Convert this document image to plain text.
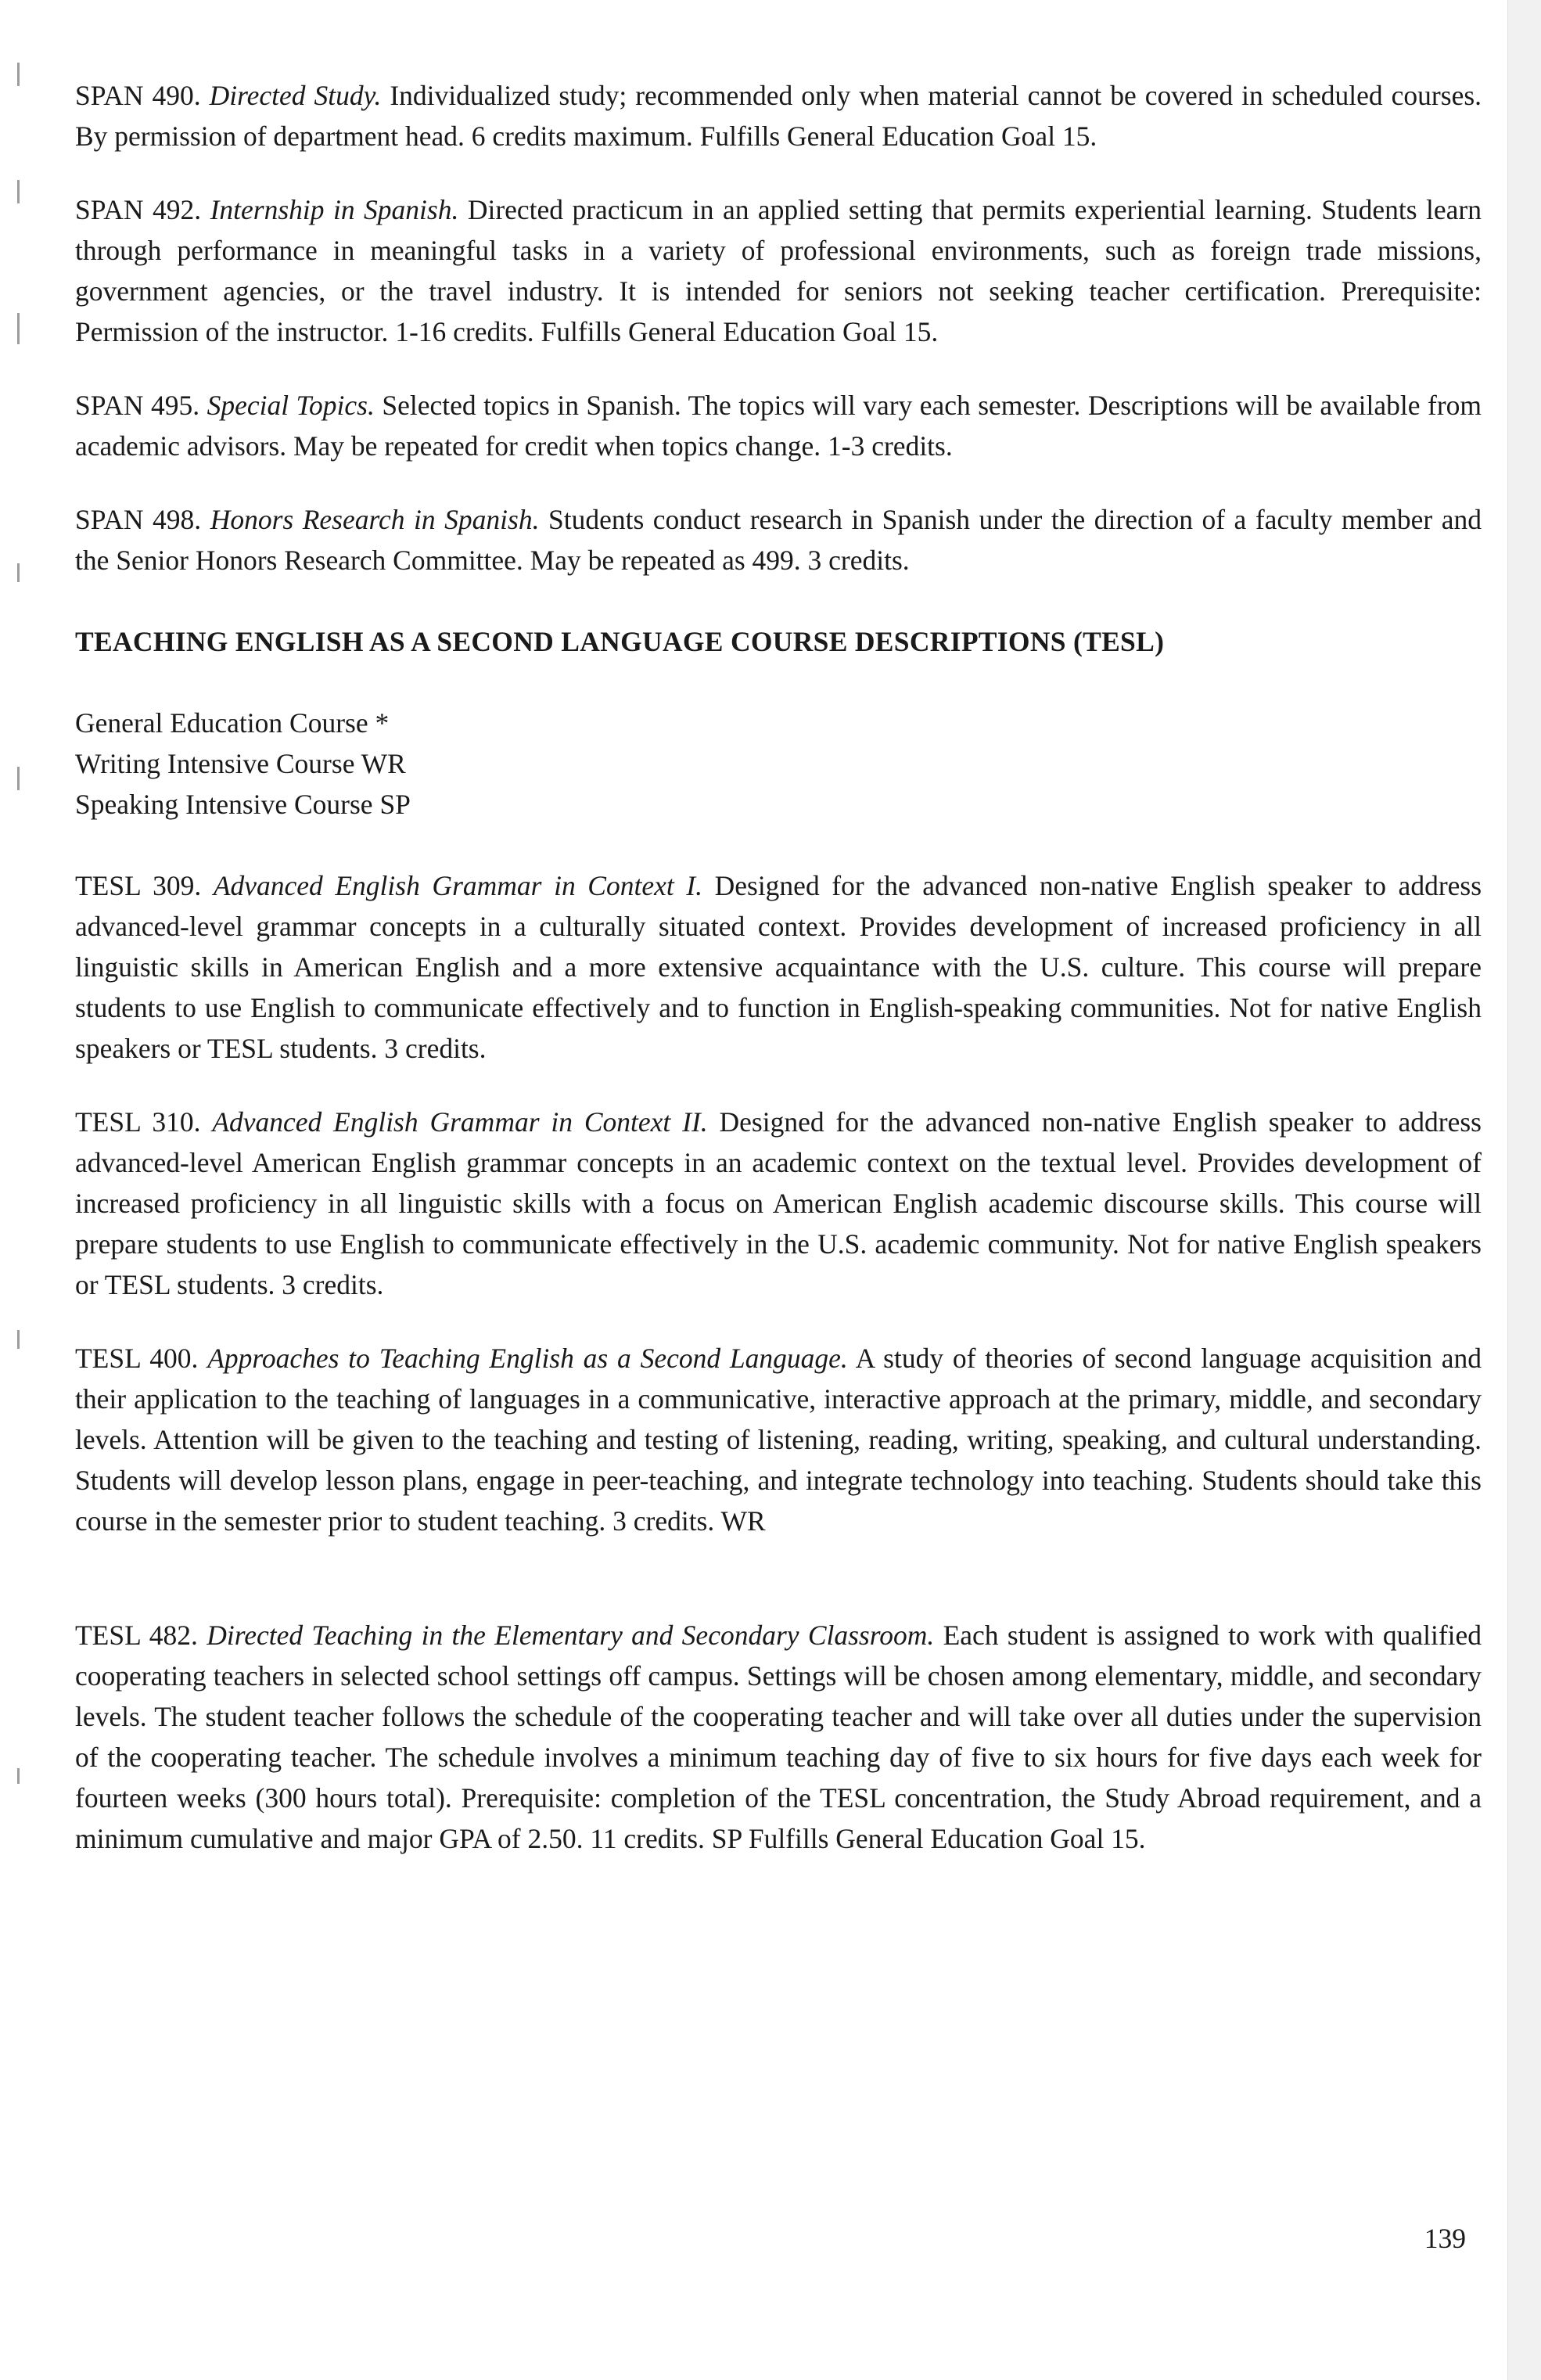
SPAN 490. Directed Study. Individualized study; recommended only when material cannot be covered in scheduled courses. By permission of department head. 6 credits maximum. Fulfills General Education Goal 15.

SPAN 492. Internship in Spanish. Directed practicum in an applied setting that permits experiential learning. Students learn through performance in meaningful tasks in a variety of professional environments, such as foreign trade missions, government agencies, or the travel industry. It is intended for seniors not seeking teacher certification. Prerequisite: Permission of the instructor. 1-16 credits. Fulfills General Education Goal 15.

SPAN 495. Special Topics. Selected topics in Spanish. The topics will vary each semester. Descriptions will be available from academic advisors. May be repeated for credit when topics change. 1-3 credits.

SPAN 498. Honors Research in Spanish. Students conduct research in Spanish under the direction of a faculty member and the Senior Honors Research Committee. May be repeated as 499. 3 credits.

TEACHING ENGLISH AS A SECOND LANGUAGE COURSE DESCRIPTIONS (TESL)

General Education Course *

Writing Intensive Course WR

Speaking Intensive Course SP

TESL 309. Advanced English Grammar in Context I. Designed for the advanced non-native English speaker to address advanced-level grammar concepts in a culturally situated context. Provides development of increased proficiency in all linguistic skills in American English and a more extensive acquaintance with the U.S. culture. This course will prepare students to use English to communicate effectively and to function in English-speaking communities. Not for native English speakers or TESL students. 3 credits.

TESL 310. Advanced English Grammar in Context II. Designed for the advanced non-native English speaker to address advanced-level American English grammar concepts in an academic context on the textual level. Provides development of increased proficiency in all linguistic skills with a focus on American English academic discourse skills. This course will prepare students to use English to communicate effectively in the U.S. academic community. Not for native English speakers or TESL students. 3 credits.

TESL 400. Approaches to Teaching English as a Second Language. A study of theories of second language acquisition and their application to the teaching of languages in a communicative, interactive approach at the primary, middle, and secondary levels. Attention will be given to the teaching and testing of listening, reading, writing, speaking, and cultural understanding. Students will develop lesson plans, engage in peer-teaching, and integrate technology into teaching. Students should take this course in the semester prior to student teaching. 3 credits. WR

TESL 482. Directed Teaching in the Elementary and Secondary Classroom. Each student is assigned to work with qualified cooperating teachers in selected school settings off campus. Settings will be chosen among elementary, middle, and secondary levels. The student teacher follows the schedule of the cooperating teacher and will take over all duties under the supervision of the cooperating teacher. The schedule involves a minimum teaching day of five to six hours for five days each week for fourteen weeks (300 hours total). Prerequisite: completion of the TESL concentration, the Study Abroad requirement, and a minimum cumulative and major GPA of 2.50. 11 credits. SP Fulfills General Education Goal 15.

139
